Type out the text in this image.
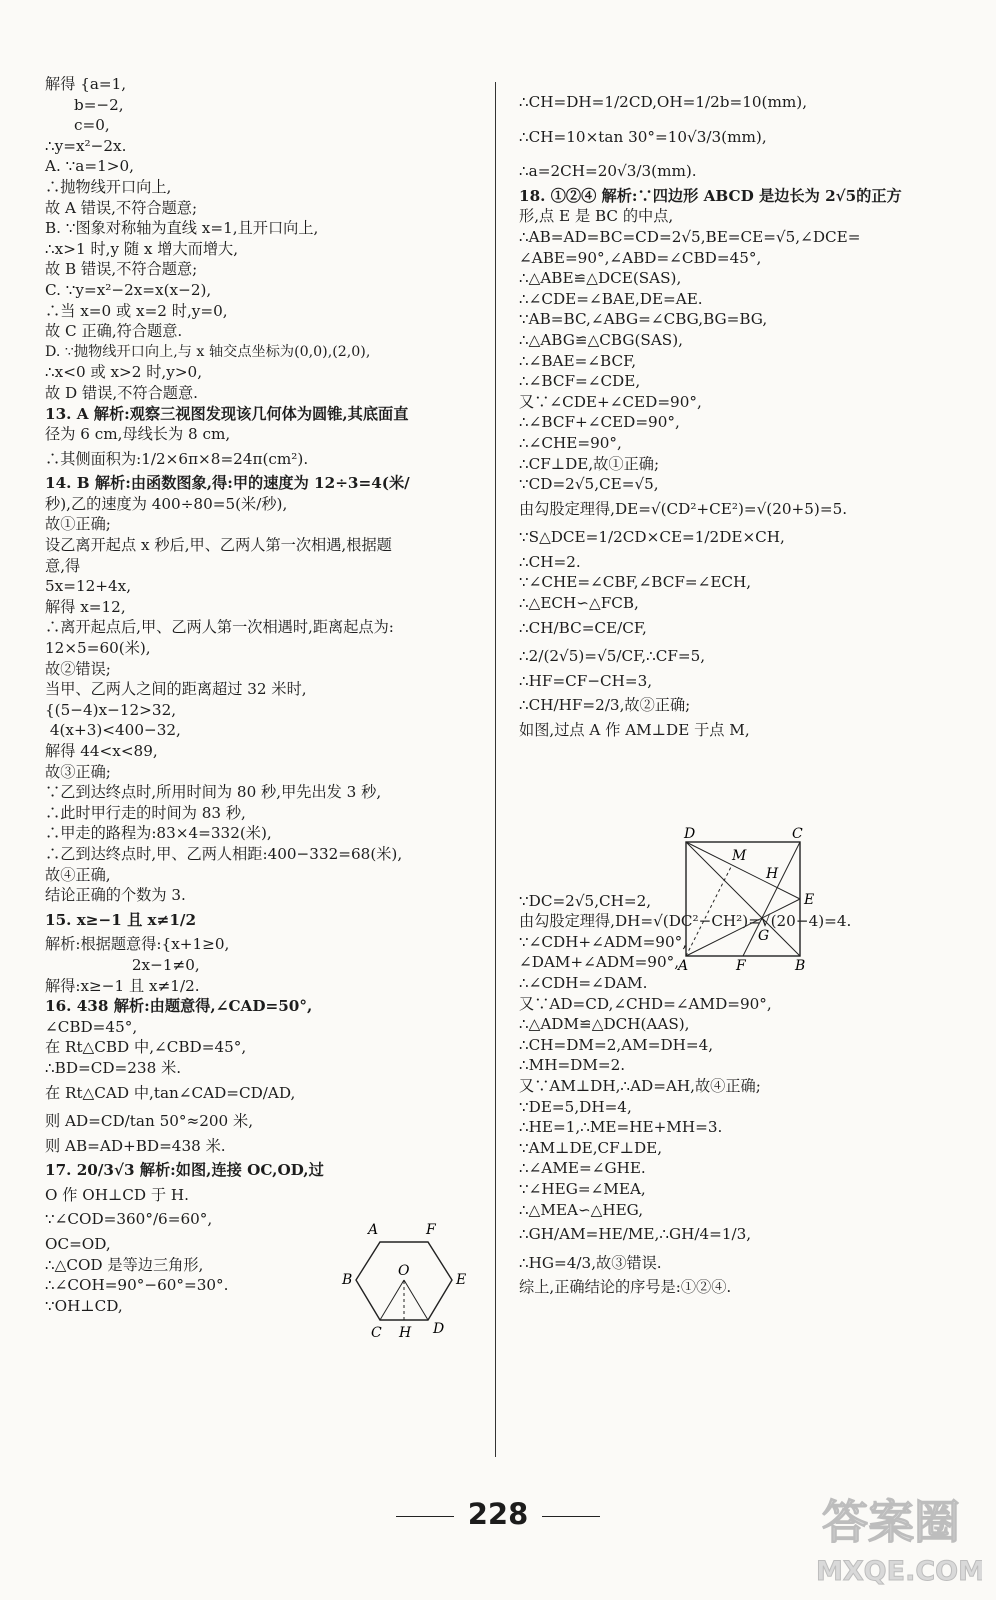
解得 {a=1,
b=−2,
c=0,
∴y=x²−2x.
A. ∵a=1>0,
∴抛物线开口向上,
故 A 错误,不符合题意;
B. ∵图象对称轴为直线 x=1,且开口向上,
∴x>1 时,y 随 x 增大而增大,
故 B 错误,不符合题意;
C. ∵y=x²−2x=x(x−2),
∴当 x=0 或 x=2 时,y=0,
故 C 正确,符合题意.
D. ∵抛物线开口向上,与 x 轴交点坐标为(0,0),(2,0),
∴x<0 或 x>2 时,y>0,
故 D 错误,不符合题意.
13. A 解析:观察三视图发现该几何体为圆锥,其底面直
径为 6 cm,母线长为 8 cm,
∴其侧面积为:1/2×6π×8=24π(cm²).
14. B 解析:由函数图象,得:甲的速度为 12÷3=4(米/
秒),乙的速度为 400÷80=5(米/秒),
故①正确;
设乙离开起点 x 秒后,甲、乙两人第一次相遇,根据题
意,得
5x=12+4x,
解得 x=12,
∴离开起点后,甲、乙两人第一次相遇时,距离起点为:
12×5=60(米),
故②错误;
当甲、乙两人之间的距离超过 32 米时,
{(5−4)x−12>32,
4(x+3)<400−32,
解得 44<x<89,
故③正确;
∵乙到达终点时,所用时间为 80 秒,甲先出发 3 秒,
∴此时甲行走的时间为 83 秒,
∴甲走的路程为:83×4=332(米),
∴乙到达终点时,甲、乙两人相距:400−332=68(米),
故④正确,
结论正确的个数为 3.
15. x≥−1 且 x≠1/2
解析:根据题意得:{x+1≥0,
2x−1≠0,
解得:x≥−1 且 x≠1/2.
16. 438 解析:由题意得,∠CAD=50°,
∠CBD=45°,
在 Rt△CBD 中,∠CBD=45°,
∴BD=CD=238 米.
在 Rt△CAD 中,tan∠CAD=CD/AD,
则 AD=CD/tan 50°≈200 米,
则 AB=AD+BD=438 米.
17. 20/3√3 解析:如图,连接 OC,OD,过
O 作 OH⊥CD 于 H.
∵∠COD=360°/6=60°,
OC=OD,
∴△COD 是等边三角形,
∴∠COH=90°−60°=30°.
∵OH⊥CD,
A	F
B
O
E
C H D
∴CH=DH=1/2CD,OH=1/2b=10(mm),
∴CH=10×tan 30°=10√3/3(mm),
∴a=2CH=20√3/3(mm).
18. ①②④ 解析:∵四边形 ABCD 是边长为 2√5的正方
形,点 E 是 BC 的中点,
∴AB=AD=BC=CD=2√5,BE=CE=√5,∠DCE=
∠ABE=90°,∠ABD=∠CBD=45°,
∴△ABE≌△DCE(SAS),
∴∠CDE=∠BAE,DE=AE.
∵AB=BC,∠ABG=∠CBG,BG=BG,
∴△ABG≌△CBG(SAS),
∴∠BAE=∠BCF,
∴∠BCF=∠CDE,
又∵∠CDE+∠CED=90°,
∴∠BCF+∠CED=90°,
∴∠CHE=90°,
∴CF⊥DE,故①正确;
∵CD=2√5,CE=√5,
由勾股定理得,DE=√(CD²+CE²)=√(20+5)=5.
∵S△DCE=1/2CD×CE=1/2DE×CH,
∴CH=2.
∵∠CHE=∠CBF,∠BCF=∠ECH,
∴△ECH∽△FCB,
∴CH/BC=CE/CF,
∴2/(2√5)=√5/CF,∴CF=5,
∴HF=CF−CH=3,
∴CH/HF=2/3,故②正确;
如图,过点 A 作 AM⊥DE 于点 M,
∵DC=2√5,CH=2,
由勾股定理得,DH=√(DC²−CH²)=√(20−4)=4.
∵∠CDH+∠ADM=90°,
∠DAM+∠ADM=90°,
∴∠CDH=∠DAM.
又∵AD=CD,∠CHD=∠AMD=90°,
∴△ADM≌△DCH(AAS),
∴CH=DM=2,AM=DH=4,
∴MH=DM=2.
又∵AM⊥DH,∴AD=AH,故④正确;
∵DE=5,DH=4,
∴HE=1,∴ME=HE+MH=3.
∵AM⊥DE,CF⊥DE,
∴∠AME=∠GHE.
∵∠HEG=∠MEA,
∴△MEA∽△HEG,
∴GH/AM=HE/ME,∴GH/4=1/3,
∴HG=4/3,故③错误.
综上,正确结论的序号是:①②④.
D	C
M
H
E
G
A	F	B
228	答案圈
MXQE.COM
